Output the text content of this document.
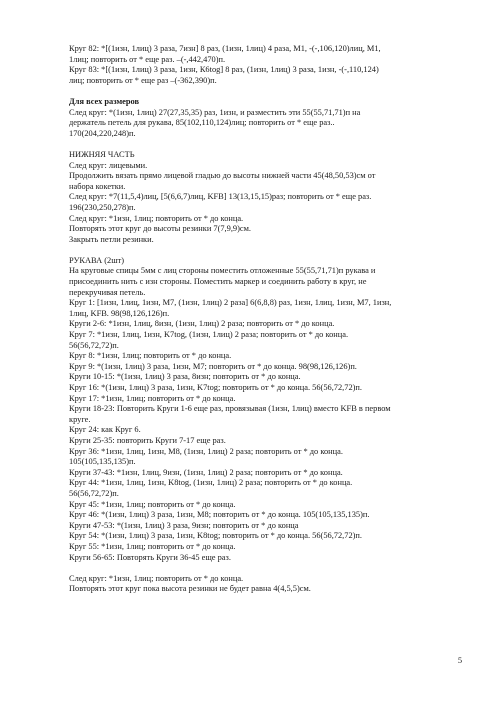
Круг 82: *[(1изн, 1лиц) 3 раза, 7изн] 8 раз, (1изн, 1лиц) 4 раза, М1, -(-,106,120)лиц, М1,
1лиц; повторить от * еще раз. –(-,442,470)п.
Круг 83: *[(1изн, 1лиц) 3 раза, 1изн, К6tog] 8 раз, (1изн, 1лиц) 3 раза, 1изн, -(-,110,124)
лиц; повторить от * еще раз –(-362,390)п.
Для всех размеров
След круг: *(1изн, 1лиц) 27(27,35,35) раз, 1изн, и разместить эти 55(55,71,71)п на
держатель петель для рукава, 85(102,110,124)лиц; повторить от * еще раз..
170(204,220,248)п.
НИЖНЯЯ ЧАСТЬ
След круг: лицевыми.
Продолжить вязать прямо лицевой гладью до высоты нижней части 45(48,50,53)см от
набора кокетки.
След круг: *7(11,5,4)лиц, [5(6,6,7)лиц, KFB] 13(13,15,15)раз; повторить от * еще раз.
196(230,250,278)п.
След круг: *1изн, 1лиц; повторить от * до конца.
Повторять этот круг до высоты резинки 7(7,9,9)см.
Закрыть петли резинки.
РУКАВА (2шт)
На круговые спицы 5мм с лиц стороны поместить отложенные 55(55,71,71)п рукава и
присоединить нить с изн стороны. Поместить маркер и соединить работу в круг, не
перекручивая петель.
Круг 1: [1изн, 1лиц, 1изн, М7, (1изн, 1лиц) 2 раза] 6(6,8,8) раз, 1изн, 1лиц, 1изн, М7, 1изн,
1лиц, KFB. 98(98,126,126)п.
Круги 2-6: *1изн, 1лиц, 8изн, (1изн, 1лиц) 2 раза; повторить от * до конца.
Круг 7: *1изн, 1лиц, 1изн, K7tog, (1изн, 1лиц) 2 раза; повторить от * до конца.
56(56,72,72)п.
Круг 8: *1изн, 1лиц; повторить от * до конца.
Круг 9: *(1изн, 1лиц) 3 раза, 1изн, М7; повторить от * до конца. 98(98,126,126)п.
Круги 10-15: *(1изн, 1лиц) 3 раза, 8изн; повторить от * до конца.
Круг 16: *(1изн, 1лиц) 3 раза, 1изн, K7tog; повторить от * до конца. 56(56,72,72)п.
Круг 17: *1изн, 1лиц; повторить от * до конца.
Круги 18-23: Повторить Круги 1-6 еще раз, провязывая (1изн, 1лиц) вместо KFB в первом
круге.
Круг 24: как Круг 6.
Круги 25-35: повторить Круги 7-17 еще раз.
Круг 36: *1изн, 1лиц, 1изн, М8, (1изн, 1лиц) 2 раза; повторить от * до конца.
105(105,135,135)п.
Круги 37-43: *1изн, 1лиц, 9изн, (1изн, 1лиц) 2 раза; повторить от * до конца.
Круг 44: *1изн, 1лиц, 1изн, K8tog, (1изн, 1лиц) 2 раза; повторить от * до конца.
56(56,72,72)п.
Круг 45: *1изн, 1лиц; повторить от * до конца.
Круг 46: *(1изн, 1лиц) 3 раза, 1изн, М8; повторить от * до конца. 105(105,135,135)п.
Круги 47-53: *(1изн, 1лиц) 3 раза, 9изн; повторить от * до конца
Круг 54: *(1изн, 1лиц) 3 раза, 1изн, K8tog; повторить от * до конца. 56(56,72,72)п.
Круг 55: *1изн, 1лиц; повторить от * до конца.
Круги 56-65: Повторять Круги 36-45 еще раз.
След круг: *1изн, 1лиц; повторить от * до конца.
Повторять этот круг пока высота резинки не будет равна 4(4,5,5)см.
5
